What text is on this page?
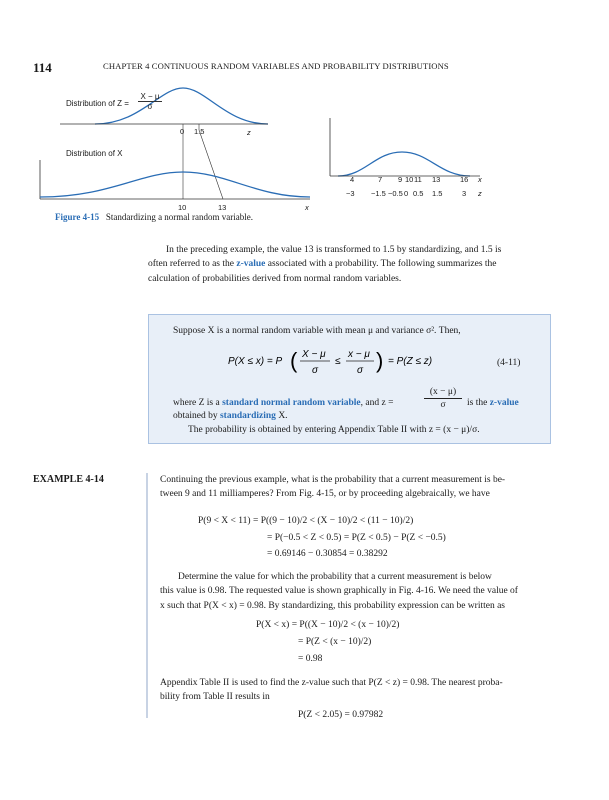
114	CHAPTER 4 CONTINUOUS RANDOM VARIABLES AND PROBABILITY DISTRIBUTIONS
Distribution of $Z = \frac{X - \mu}{\sigma}$
0 1.5	z
Distribution of X
10	13	x
4	7 9 10 11 13	16 x
−3 −1.5 −0.5 0 0.5 1.5	3 z
Figure 4-15 Standardizing a normal random variable.
In the preceding example, the value 13 is transformed to 1.5 by standardizing, and 1.5 is
often referred to as the z-value associated with a probability. The following summarizes the
calculation of probabilities derived from normal random variables.
Suppose X is a normal random variable with mean μ and variance σ². Then,
P(X ≤ x) = P ( X − μ
σ
≤
x − μ
σ ) = P(Z ≤ z)	(4-11)
where Z is a standard normal random variable, and z =	$\frac{(x - \mu)}{\sigma}$ is the z-value
obtained by standardizing X.
The probability is obtained by entering Appendix Table II with z = (x − μ)/σ.
EXAMPLE 4-14	Continuing the previous example, what is the probability that a current measurement is be-
tween 9 and 11 milliamperes? From Fig. 4-15, or by proceeding algebraically, we have
P(9 < X < 11) = P((9 − 10)/2 < (X − 10)/2 < (11 − 10)/2)
= P(−0.5 < Z < 0.5) = P(Z < 0.5) − P(Z < −0.5)
= 0.69146 − 0.30854 = 0.38292
Determine the value for which the probability that a current measurement is below
this value is 0.98. The requested value is shown graphically in Fig. 4-16. We need the value of
x such that P(X < x) = 0.98. By standardizing, this probability expression can be written as
P(X < x) = P((X − 10)/2 < (x − 10)/2)
= P(Z < (x − 10)/2)
= 0.98
Appendix Table II is used to find the z-value such that P(Z < z) = 0.98. The nearest proba-
bility from Table II results in
P(Z < 2.05) = 0.97982
